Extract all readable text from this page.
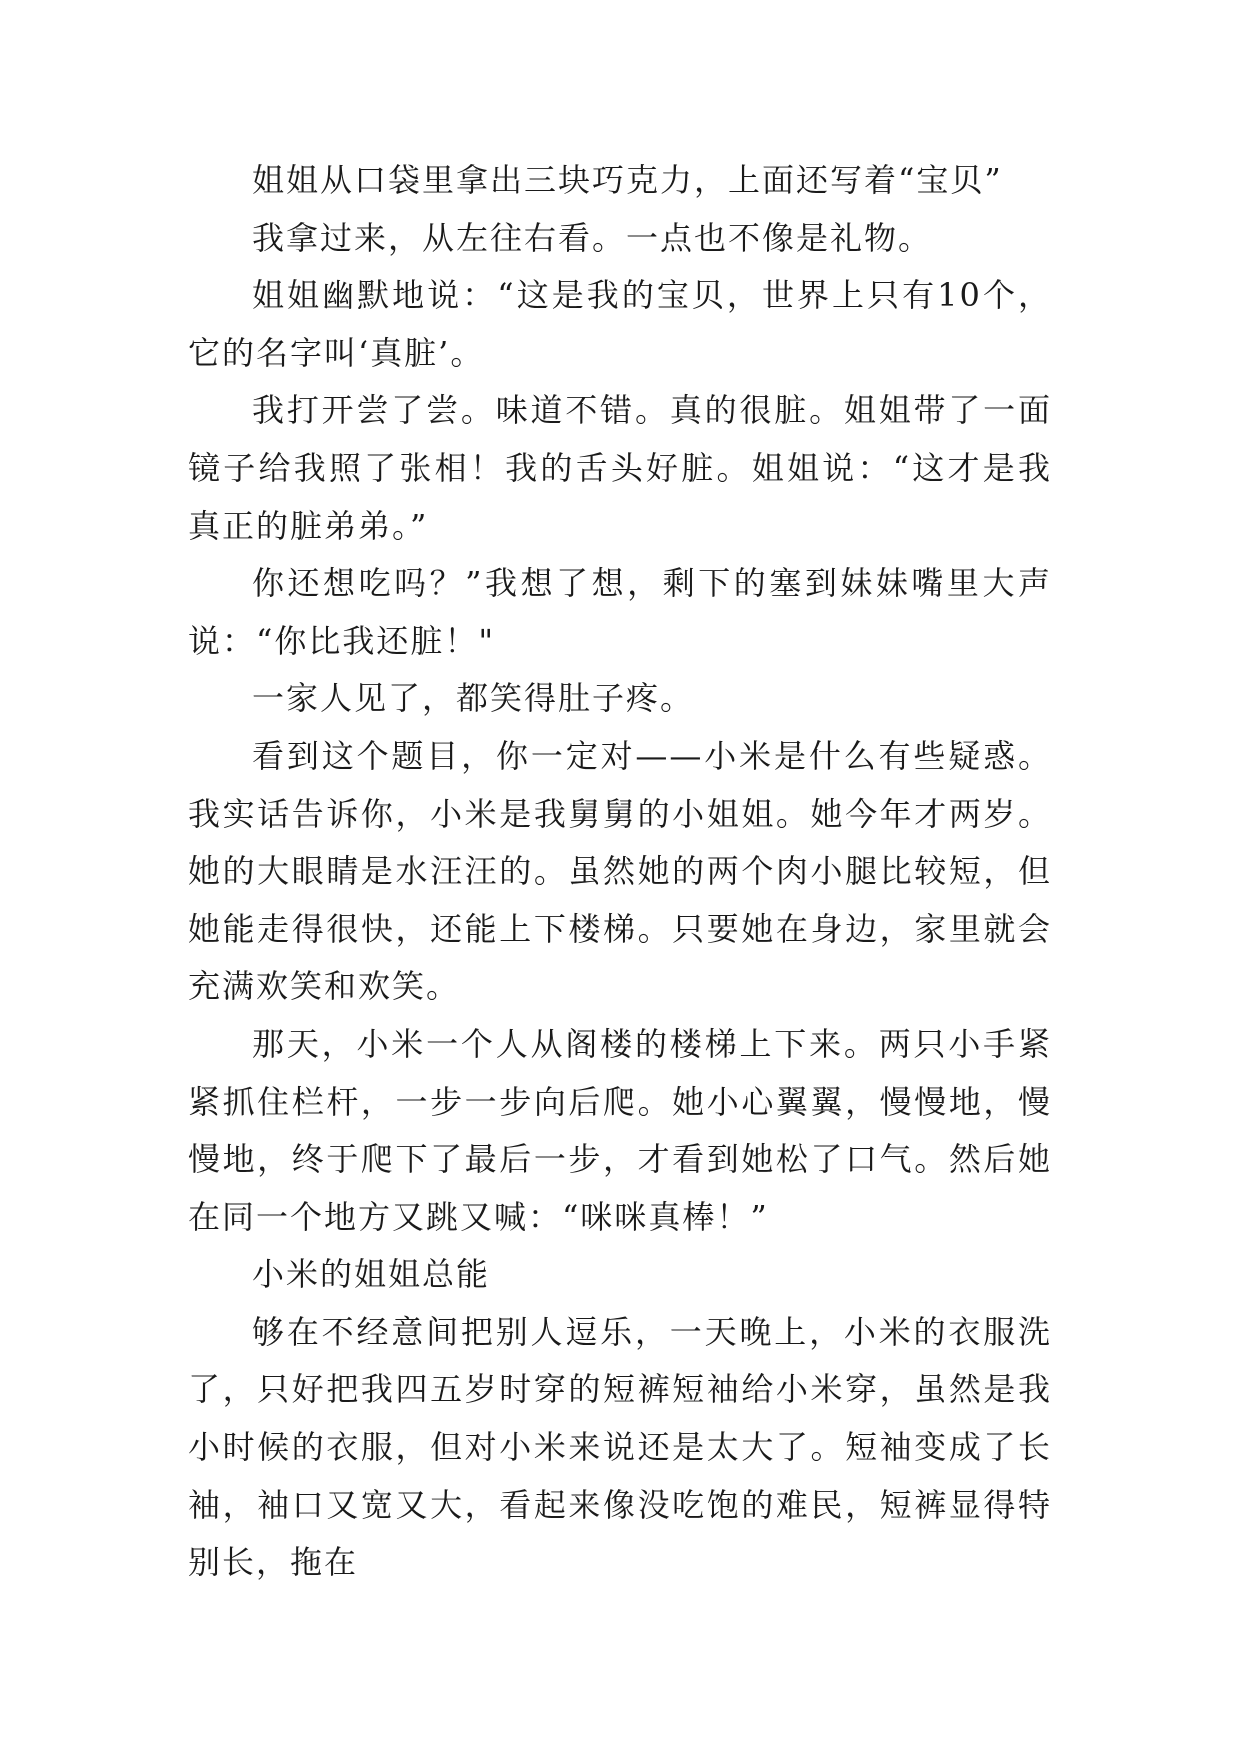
姐姐从口袋里拿出三块巧克力，上面还写着“宝贝”

我拿过来，从左往右看。一点也不像是礼物。

姐姐幽默地说：“这是我的宝贝，世界上只有10个，它的名字叫‘真脏’。

我打开尝了尝。味道不错。真的很脏。姐姐带了一面镜子给我照了张相！我的舌头好脏。姐姐说：“这才是我真正的脏弟弟。”

你还想吃吗？”我想了想，剩下的塞到妹妹嘴里大声说：“你比我还脏！"

一家人见了，都笑得肚子疼。

看到这个题目，你一定对——小米是什么有些疑惑。我实话告诉你，小米是我舅舅的小姐姐。她今年才两岁。她的大眼睛是水汪汪的。虽然她的两个肉小腿比较短，但她能走得很快，还能上下楼梯。只要她在身边，家里就会充满欢笑和欢笑。

那天，小米一个人从阁楼的楼梯上下来。两只小手紧紧抓住栏杆，一步一步向后爬。她小心翼翼，慢慢地，慢慢地，终于爬下了最后一步，才看到她松了口气。然后她在同一个地方又跳又喊：“咪咪真棒！”

小米的姐姐总能

够在不经意间把别人逗乐，一天晚上，小米的衣服洗了，只好把我四五岁时穿的短裤短袖给小米穿，虽然是我小时候的衣服，但对小米来说还是太大了。短袖变成了长袖，袖口又宽又大，看起来像没吃饱的难民，短裤显得特别长，拖在
